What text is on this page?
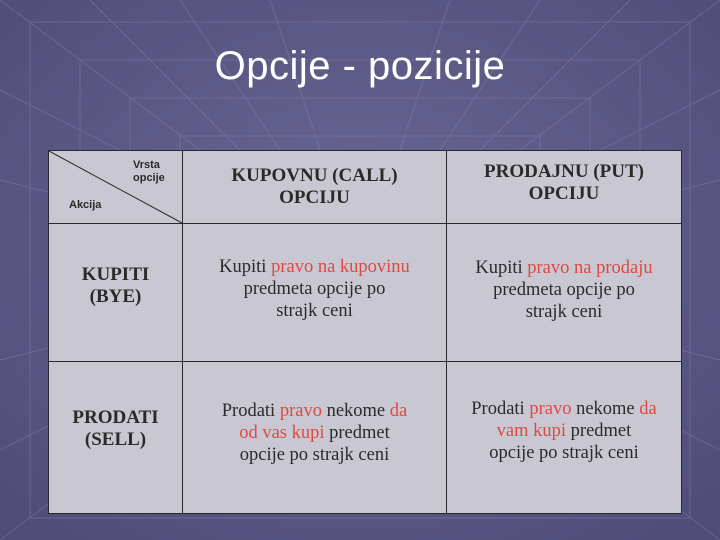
Opcije - pozicije
Vrsta
opcije
Akcija
KUPOVNU (CALL)
OPCIJU
PRODAJNU (PUT)
OPCIJU
KUPITI
(BYE)
PRODATI
(SELL)
Kupiti pravo na kupovinu
predmeta opcije po
strajk ceni
Kupiti pravo na prodaju
predmeta opcije po
strajk ceni
Prodati pravo nekome da
od vas kupi predmet
opcije po strajk ceni
Prodati pravo nekome da
vam kupi predmet
opcije po strajk ceni
